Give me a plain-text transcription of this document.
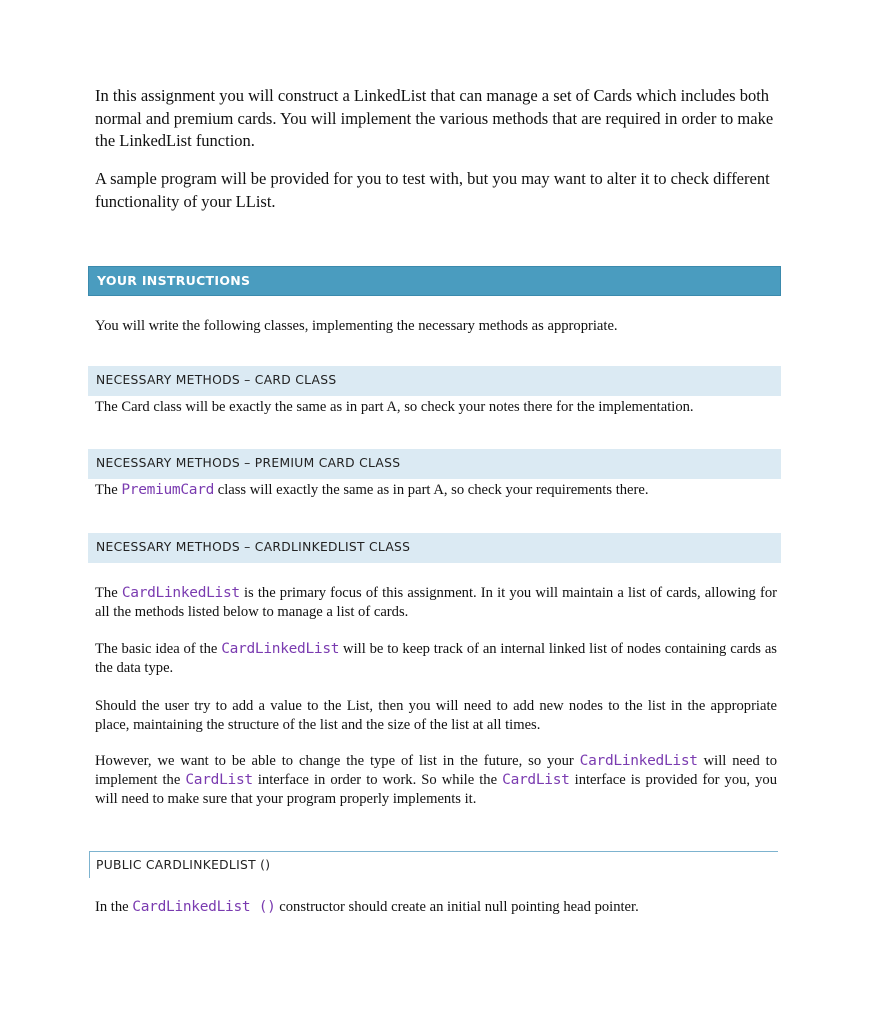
In this assignment you will construct a LinkedList that can manage a set of Cards which includes both normal and premium cards. You will implement the various methods that are required in order to make the LinkedList function.

A sample program will be provided for you to test with, but you may want to alter it to check different functionality of your LList.

YOUR INSTRUCTIONS

You will write the following classes, implementing the necessary methods as appropriate.

NECESSARY METHODS – CARD CLASS

The Card class will be exactly the same as in part A, so check your notes there for the implementation.

NECESSARY METHODS – PREMIUM CARD CLASS

The PremiumCard class will exactly the same as in part A, so check your requirements there.

NECESSARY METHODS – CARDLINKEDLIST CLASS

The CardLinkedList is the primary focus of this assignment. In it you will maintain a list of cards, allowing for all the methods listed below to manage a list of cards.

The basic idea of the CardLinkedList will be to keep track of an internal linked list of nodes containing cards as the data type.

Should the user try to add a value to the List, then you will need to add new nodes to the list in the appropriate place, maintaining the structure of the list and the size of the list at all times.

However, we want to be able to change the type of list in the future, so your CardLinkedList will need to implement the CardList interface in order to work. So while the CardList interface is provided for you, you will need to make sure that your program properly implements it.

PUBLIC CARDLINKEDLIST ()

In the CardLinkedList () constructor should create an initial null pointing head pointer.
